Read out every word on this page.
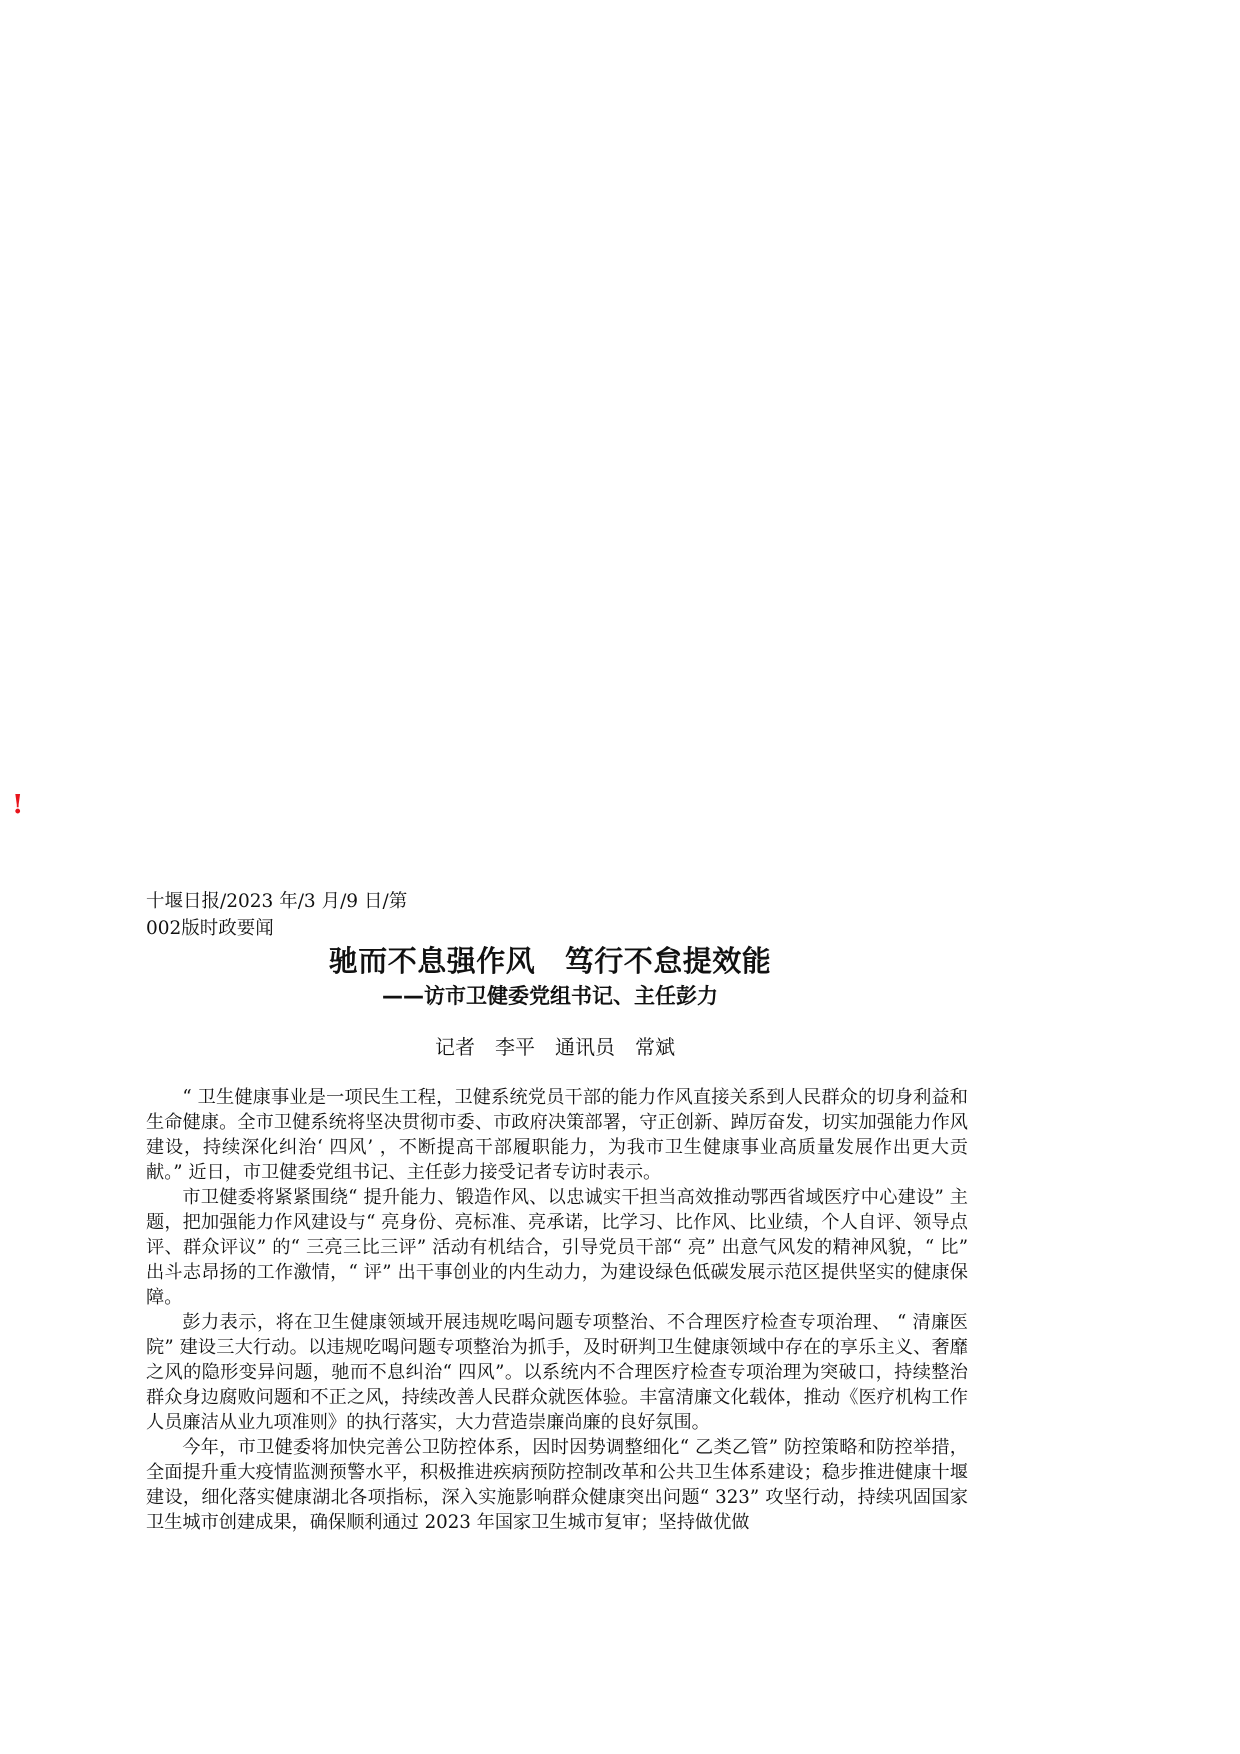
!
十堰日报/2023 年/3 月/9 日/第 002版时政要闻
驰而不息强作风　笃行不怠提效能
——访市卫健委党组书记、主任彭力
记者　李平　通讯员　常斌

“ 卫生健康事业是一项民生工程，卫健系统党员干部的能力作风直接关系到人民群众的切身利益和生命健康。全市卫健系统将坚决贯彻市委、市政府决策部署，守正创新、踔厉奋发，切实加强能力作风建设，持续深化纠治‘ 四风’ ，不断提高干部履职能力，为我市卫生健康事业高质量发展作出更大贡献。” 近日，市卫健委党组书记、主任彭力接受记者专访时表示。

市卫健委将紧紧围绕“ 提升能力、锻造作风、以忠诚实干担当高效推动鄂西省域医疗中心建设” 主题，把加强能力作风建设与“ 亮身份、亮标准、亮承诺，比学习、比作风、比业绩，个人自评、领导点评、群众评议” 的“ 三亮三比三评” 活动有机结合，引导党员干部“ 亮” 出意气风发的精神风貌，“ 比” 出斗志昂扬的工作激情，“ 评” 出干事创业的内生动力，为建设绿色低碳发展示范区提供坚实的健康保障。

彭力表示，将在卫生健康领域开展违规吃喝问题专项整治、不合理医疗检查专项治理、 “ 清廉医院” 建设三大行动。以违规吃喝问题专项整治为抓手，及时研判卫生健康领域中存在的享乐主义、奢靡之风的隐形变异问题，驰而不息纠治“ 四风”。以系统内不合理医疗检查专项治理为突破口，持续整治群众身边腐败问题和不正之风，持续改善人民群众就医体验。丰富清廉文化载体，推动《医疗机构工作人员廉洁从业九项准则》的执行落实，大力营造崇廉尚廉的良好氛围。

今年，市卫健委将加快完善公卫防控体系，因时因势调整细化“ 乙类乙管” 防控策略和防控举措，全面提升重大疫情监测预警水平，积极推进疾病预防控制改革和公共卫生体系建设；稳步推进健康十堰建设，细化落实健康湖北各项指标，深入实施影响群众健康突出问题“ 323” 攻坚行动，持续巩固国家卫生城市创建成果，确保顺利通过 2023 年国家卫生城市复审；坚持做优做
